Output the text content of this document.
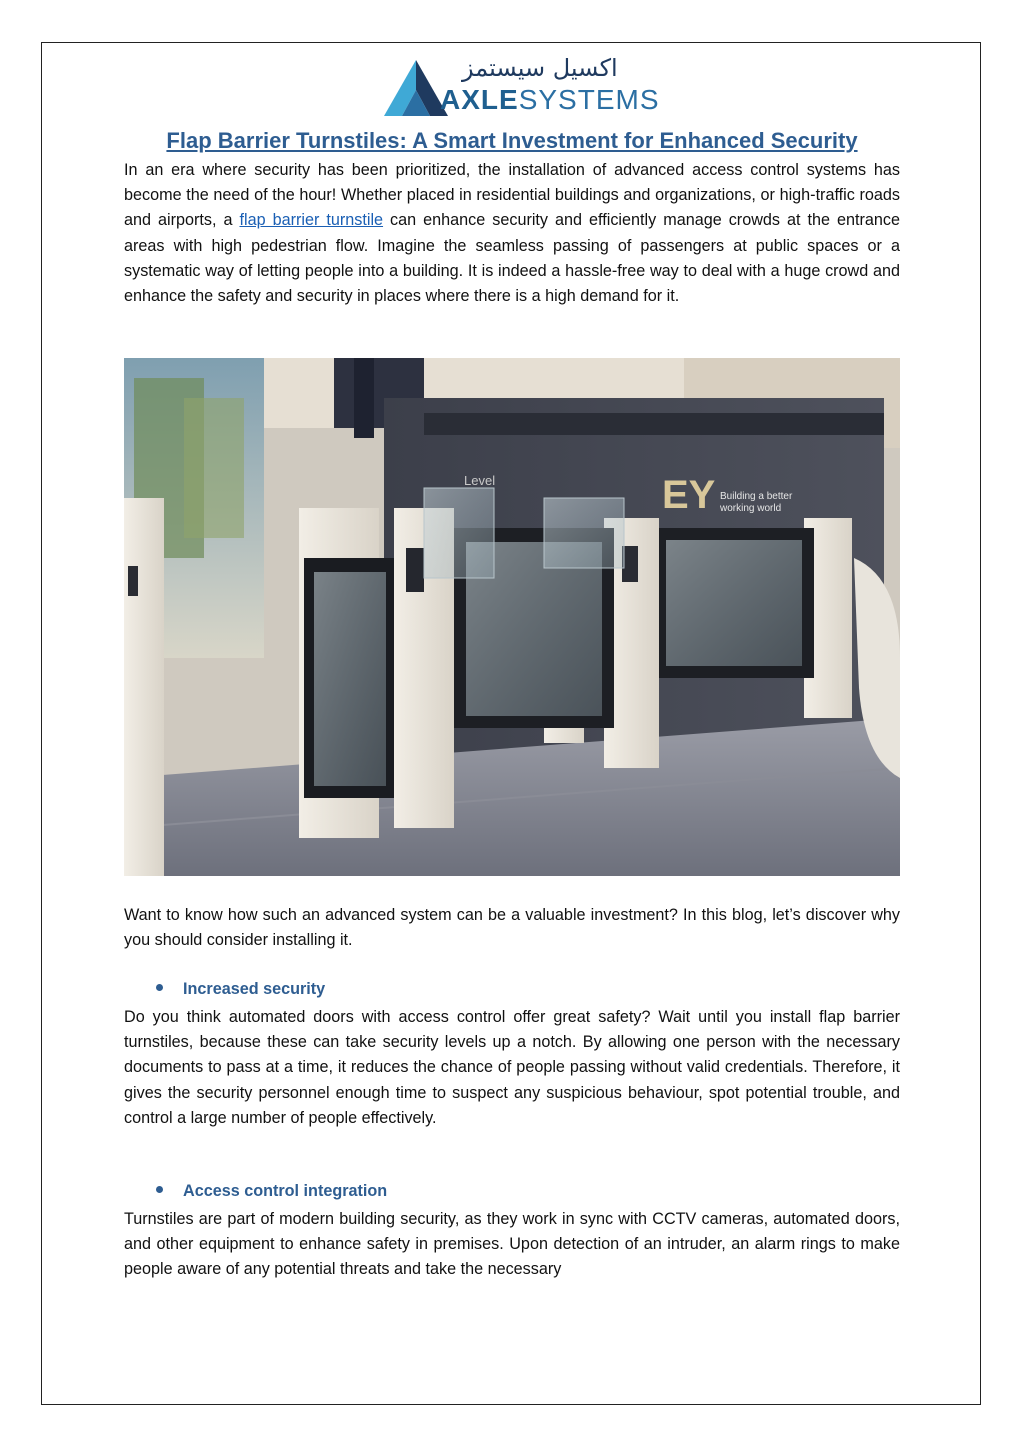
اكسيل سيستمز
AXLESYSTEMS
Flap Barrier Turnstiles: A Smart Investment for Enhanced Security
In an era where security has been prioritized, the installation of advanced access control systems has become the need of the hour! Whether placed in residential buildings and organizations, or high-traffic roads and airports, a flap barrier turnstile can enhance security and efficiently manage crowds at the entrance areas with high pedestrian flow. Imagine the seamless passing of passengers at public spaces or a systematic way of letting people into a building. It is indeed a hassle-free way to deal with a huge crowd and enhance the safety and security in places where there is a high demand for it.
Level	EY Building a better
working world
Want to know how such an advanced system can be a valuable investment? In this blog, let’s discover why you should consider installing it.
Increased security
Do you think automated doors with access control offer great safety? Wait until you install flap barrier turnstiles, because these can take security levels up a notch. By allowing one person with the necessary documents to pass at a time, it reduces the chance of people passing without valid credentials. Therefore, it gives the security personnel enough time to suspect any suspicious behaviour, spot potential trouble, and control a large number of people effectively.
Access control integration
Turnstiles are part of modern building security, as they work in sync with CCTV cameras, automated doors, and other equipment to enhance safety in premises. Upon detection of an intruder, an alarm rings to make people aware of any potential threats and take the necessary
